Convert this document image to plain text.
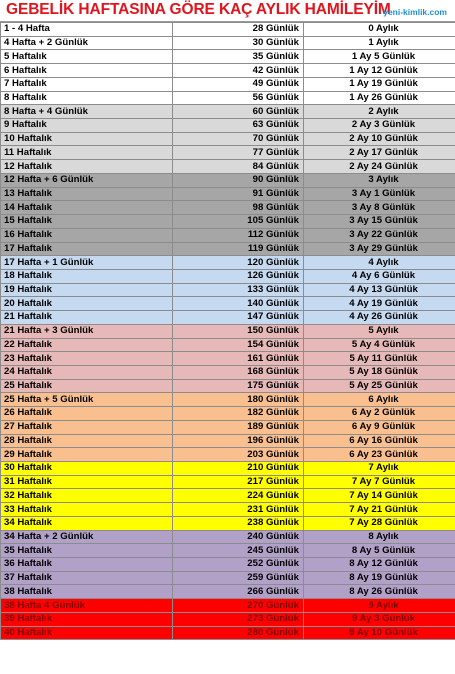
GEBELİK HAFTASINA GÖRE KAÇ AYLIK HAMİLEYİM
yeni-kimlik.com
1 - 4 Hafta	28 Günlük	0 Aylık
4 Hafta + 2 Günlük	30 Günlük	1 Aylık
5 Haftalık	35 Günlük	1 Ay 5 Günlük
6 Haftalık	42 Günlük	1 Ay 12 Günlük
7 Haftalık	49 Günlük	1 Ay 19 Günlük
8 Haftalık	56 Günlük	1 Ay 26 Günlük
8 Hafta + 4 Günlük	60 Günlük	2 Aylık
9 Haftalık	63 Günlük	2 Ay 3 Günlük
10 Haftalık	70 Günlük	2 Ay 10 Günlük
11 Haftalık	77 Günlük	2 Ay 17 Günlük
12 Haftalık	84 Günlük	2 Ay 24 Günlük
12 Hafta + 6 Günlük	90 Günlük	3 Aylık
13 Haftalık	91 Günlük	3 Ay 1 Günlük
14 Haftalık	98 Günlük	3 Ay 8 Günlük
15 Haftalık	105 Günlük	3 Ay 15 Günlük
16 Haftalık	112 Günlük	3 Ay 22 Günlük
17 Haftalık	119 Günlük	3 Ay 29 Günlük
17 Hafta + 1 Günlük	120 Günlük	4 Aylık
18 Haftalık	126 Günlük	4 Ay 6 Günlük
19 Haftalık	133 Günlük	4 Ay 13 Günlük
20 Haftalık	140 Günlük	4 Ay 19 Günlük
21 Haftalık	147 Günlük	4 Ay 26 Günlük
21 Hafta + 3 Günlük	150 Günlük	5 Aylık
22 Haftalık	154 Günlük	5 Ay 4 Günlük
23 Haftalık	161 Günlük	5 Ay 11 Günlük
24 Haftalık	168 Günlük	5 Ay 18 Günlük
25 Haftalık	175 Günlük	5 Ay 25 Günlük
25 Hafta + 5 Günlük	180 Günlük	6 Aylık
26 Haftalık	182 Günlük	6 Ay 2 Günlük
27 Haftalık	189 Günlük	6 Ay 9 Günlük
28 Haftalık	196 Günlük	6 Ay 16 Günlük
29 Haftalık	203 Günlük	6 Ay 23 Günlük
30 Haftalık	210 Günlük	7 Aylık
31 Haftalık	217 Günlük	7 Ay 7 Günlük
32 Haftalık	224 Günlük	7 Ay 14 Günlük
33 Haftalık	231 Günlük	7 Ay 21 Günlük
34 Haftalık	238 Günlük	7 Ay 28 Günlük
34 Hafta + 2 Günlük	240 Günlük	8 Aylık
35 Haftalık	245 Günlük	8 Ay 5 Günlük
36 Haftalık	252 Günlük	8 Ay 12 Günlük
37 Haftalık	259 Günlük	8 Ay 19 Günlük
38 Haftalık	266 Günlük	8 Ay 26 Günlük
38 Hafta 4 Günlük	270 Günlük	9 Aylık
39 Haftalık	273 Günlük	9 Ay 3 Günlük
40 Haftalık	280 Günlük	9 Ay 10 Günlük
